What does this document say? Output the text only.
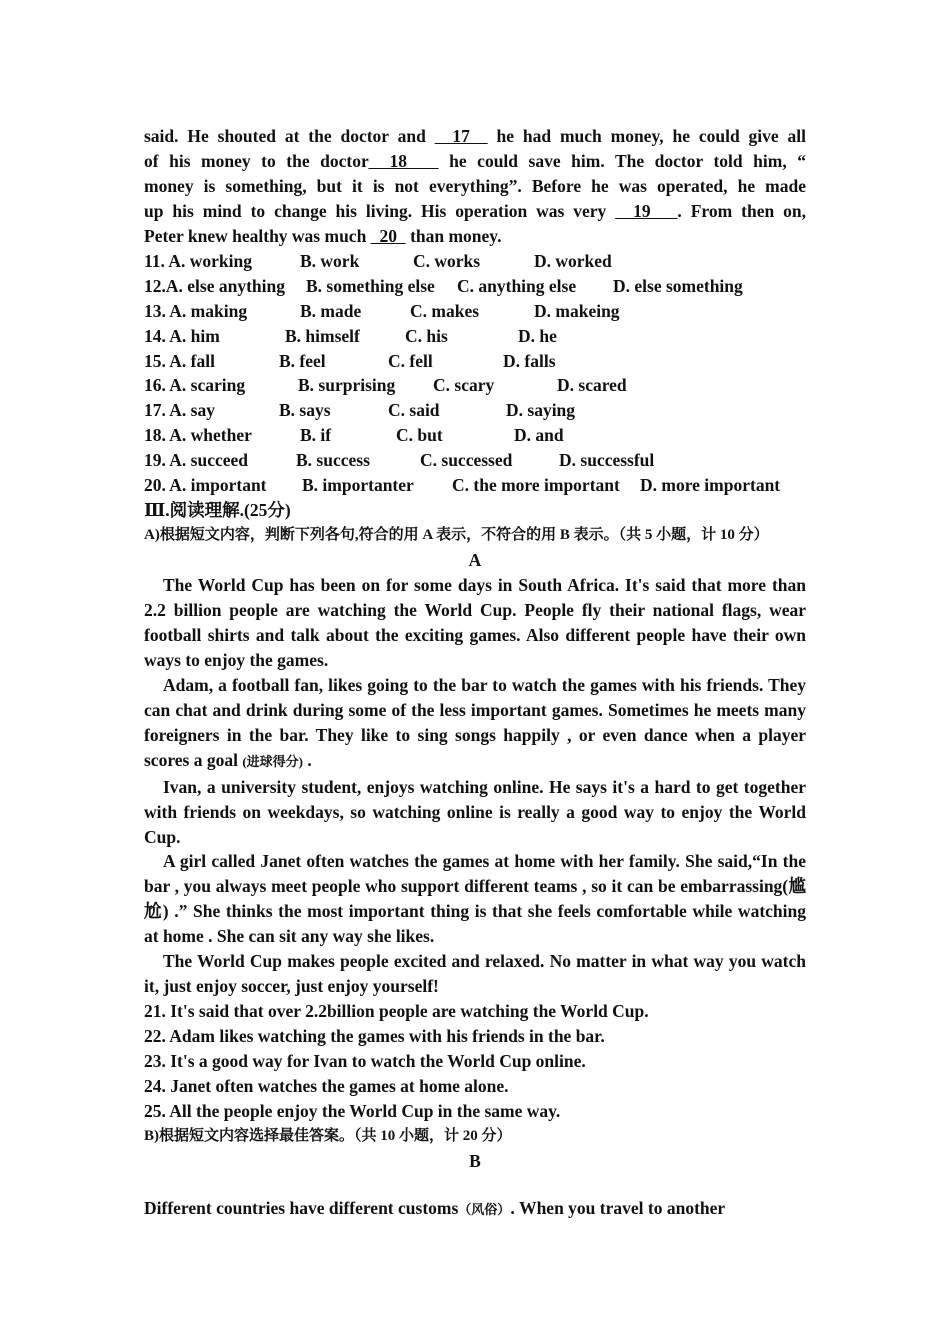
said. He shouted at the doctor and   17   he had much money, he could give all
of his money to the doctor  18    he could save him. The doctor told him, “
money is something, but it is not everything”. Before he was operated, he made
up his mind to change his living. His operation was very   19   . From then on,
Peter knew healthy was much   20   than money.
11. A. working	B. work	C. works	D. worked
12.A. else anything B. something else C. anything else D. else something
13. A. making	B. made	C. makes	D. makeing
14. A. him	B. himself	C. his	D. he
15. A. fall	B. feel	C. fell	D. falls
16. A. scaring	B. surprising C. scary	D. scared
17. A. say	B. says	C. said	D. saying
18. A. whether	B. if	C. but	D. and
19. A. succeed	B. success	C. successed	D. successful
20. A. important B. importanter C. the more important D. more important
Ⅲ.阅读理解.(25分)
A)根据短文内容，判断下列各句,符合的用 A 表示，不符合的用 B 表示。（共 5 小题，计 10 分）
A
The World Cup has been on for some days in South Africa. It's said that more than 2.2 billion people are watching the World Cup. People fly their national flags, wear football shirts and talk about the exciting games. Also different people have their own ways to enjoy the games.
Adam, a football fan, likes going to the bar to watch the games with his friends. They can chat and drink during some of the less important games. Sometimes he meets many foreigners in the bar. They like to sing songs happily , or even dance when a player scores a goal (进球得分) .
Ivan, a university student, enjoys watching online. He says it's a hard to get together with friends on weekdays, so watching online is really a good way to enjoy the World Cup.
A girl called Janet often watches the games at home with her family. She said,“In the bar , you always meet people who support different teams , so it can be embarrassing(尴尬) .” She thinks the most important thing is that she feels comfortable while watching at home . She can sit any way she likes.
The World Cup makes people excited and relaxed. No matter in what way you watch it, just enjoy soccer, just enjoy yourself!
21. It's said that over 2.2billion people are watching the World Cup.
22. Adam likes watching the games with his friends in the bar.
23. It's a good way for Ivan to watch the World Cup online.
24. Janet often watches the games at home alone.
25. All the people enjoy the World Cup in the same way.
B)根据短文内容选择最佳答案。（共 10 小题，计 20 分）
B
Different countries have different customs（风俗）. When you travel to another
